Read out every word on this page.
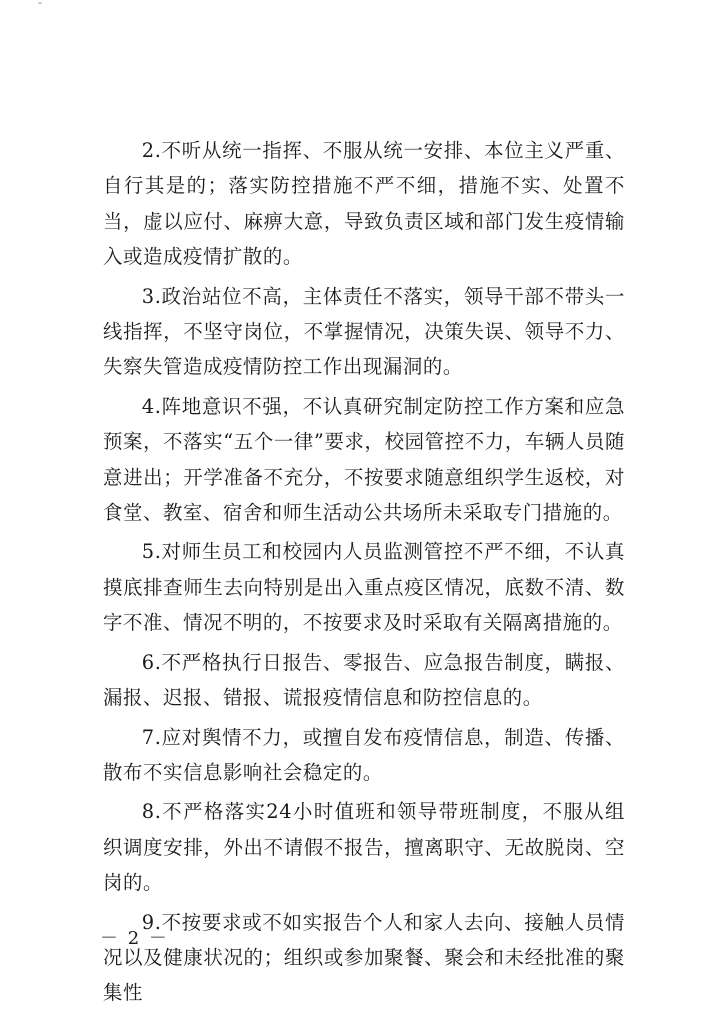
2.不听从统一指挥、不服从统一安排、本位主义严重、自行其是的；落实防控措施不严不细，措施不实、处置不当，虚以应付、麻痹大意，导致负责区域和部门发生疫情输入或造成疫情扩散的。

3.政治站位不高，主体责任不落实，领导干部不带头一线指挥，不坚守岗位，不掌握情况，决策失误、领导不力、失察失管造成疫情防控工作出现漏洞的。

4.阵地意识不强，不认真研究制定防控工作方案和应急预案，不落实“五个一律”要求，校园管控不力，车辆人员随意进出；开学准备不充分，不按要求随意组织学生返校，对食堂、教室、宿舍和师生活动公共场所未采取专门措施的。

5.对师生员工和校园内人员监测管控不严不细，不认真摸底排查师生去向特别是出入重点疫区情况，底数不清、数字不准、情况不明的，不按要求及时采取有关隔离措施的。

6.不严格执行日报告、零报告、应急报告制度，瞒报、漏报、迟报、错报、谎报疫情信息和防控信息的。

7.应对舆情不力，或擅自发布疫情信息，制造、传播、散布不实信息影响社会稳定的。

8.不严格落实24小时值班和领导带班制度，不服从组织调度安排，外出不请假不报告，擅离职守、无故脱岗、空岗的。

9.不按要求或不如实报告个人和家人去向、接触人员情况以及健康状况的；组织或参加聚餐、聚会和未经批准的聚集性

－ 2 －
